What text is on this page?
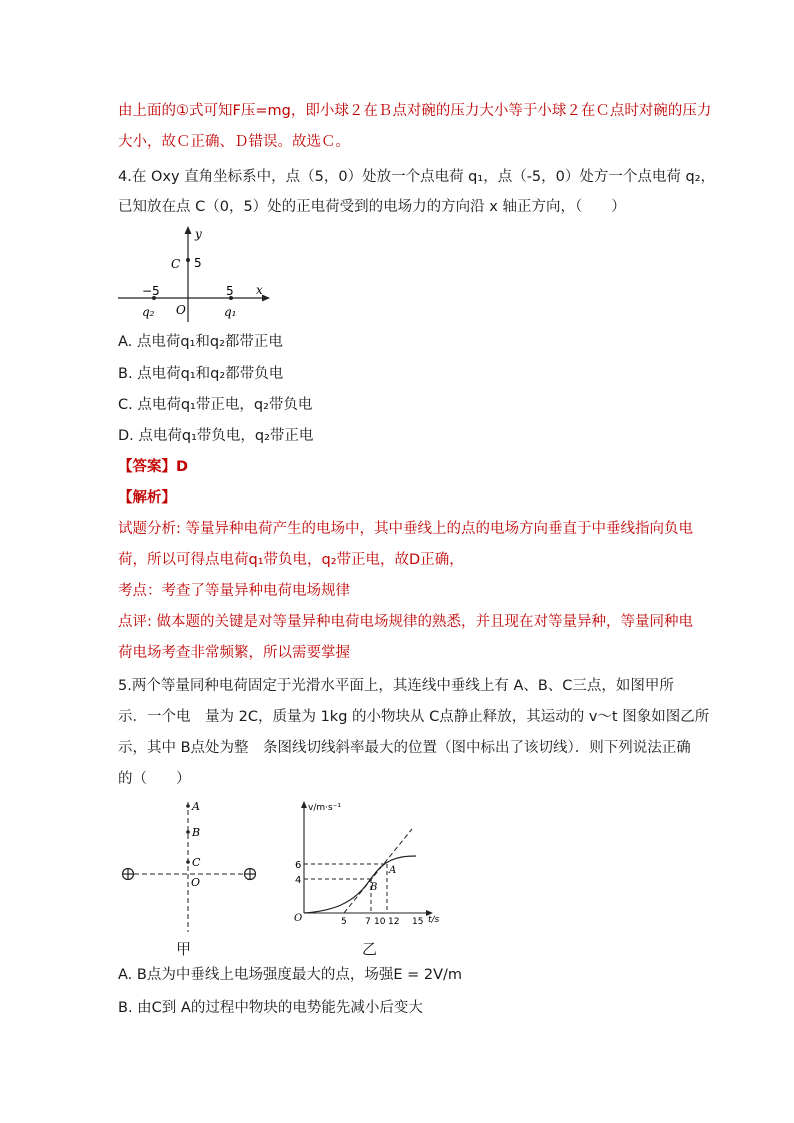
由上面的①式可知F压=mg，即小球２在Ｂ点对碗的压力大小等于小球２在Ｃ点时对碗的压力
大小，故Ｃ正确、Ｄ错误。故选Ｃ。
4.在 Oxy 直角坐标系中，点（5，0）处放一个点电荷 q₁，点（-5，0）处方一个点电荷 q₂，
已知放在点 C（0，5）处的正电荷受到的电场力的方向沿 x 轴正方向，（　　）
y
x
C 5
−5	5
O
q₂	q₁
A. 点电荷q₁和q₂都带正电
B. 点电荷q₁和q₂都带负电
C. 点电荷q₁带正电，q₂带负电
D. 点电荷q₁带负电，q₂带正电
【答案】D
【解析】
试题分析: 等量异种电荷产生的电场中，其中垂线上的点的电场方向垂直于中垂线指向负电
荷，所以可得点电荷q₁带负电，q₂带正电，故D正确，
考点：考查了等量异种电荷电场规律
点评: 做本题的关键是对等量异种电荷电场规律的熟悉，并且现在对等量异种，等量同种电
荷电场考查非常频繁，所以需要掌握
5.两个等量同种电荷固定于光滑水平面上，其连线中垂线上有 A、B、C三点，如图甲所
示．一个电　量为 2C，质量为 1kg 的小物块从 C点静止释放，其运动的 v～t 图象如图乙所
示，其中 B点处为整　条图线切线斜率最大的位置（图中标出了该切线）．则下列说法正确
的（　　）
A
B
C
O
甲
v/m·s⁻¹
t/s
O
6
4
A
B
5 7 10 12 15
乙
A. B点为中垂线上电场强度最大的点，场强E = 2V/m
B. 由C到 A的过程中物块的电势能先减小后变大
